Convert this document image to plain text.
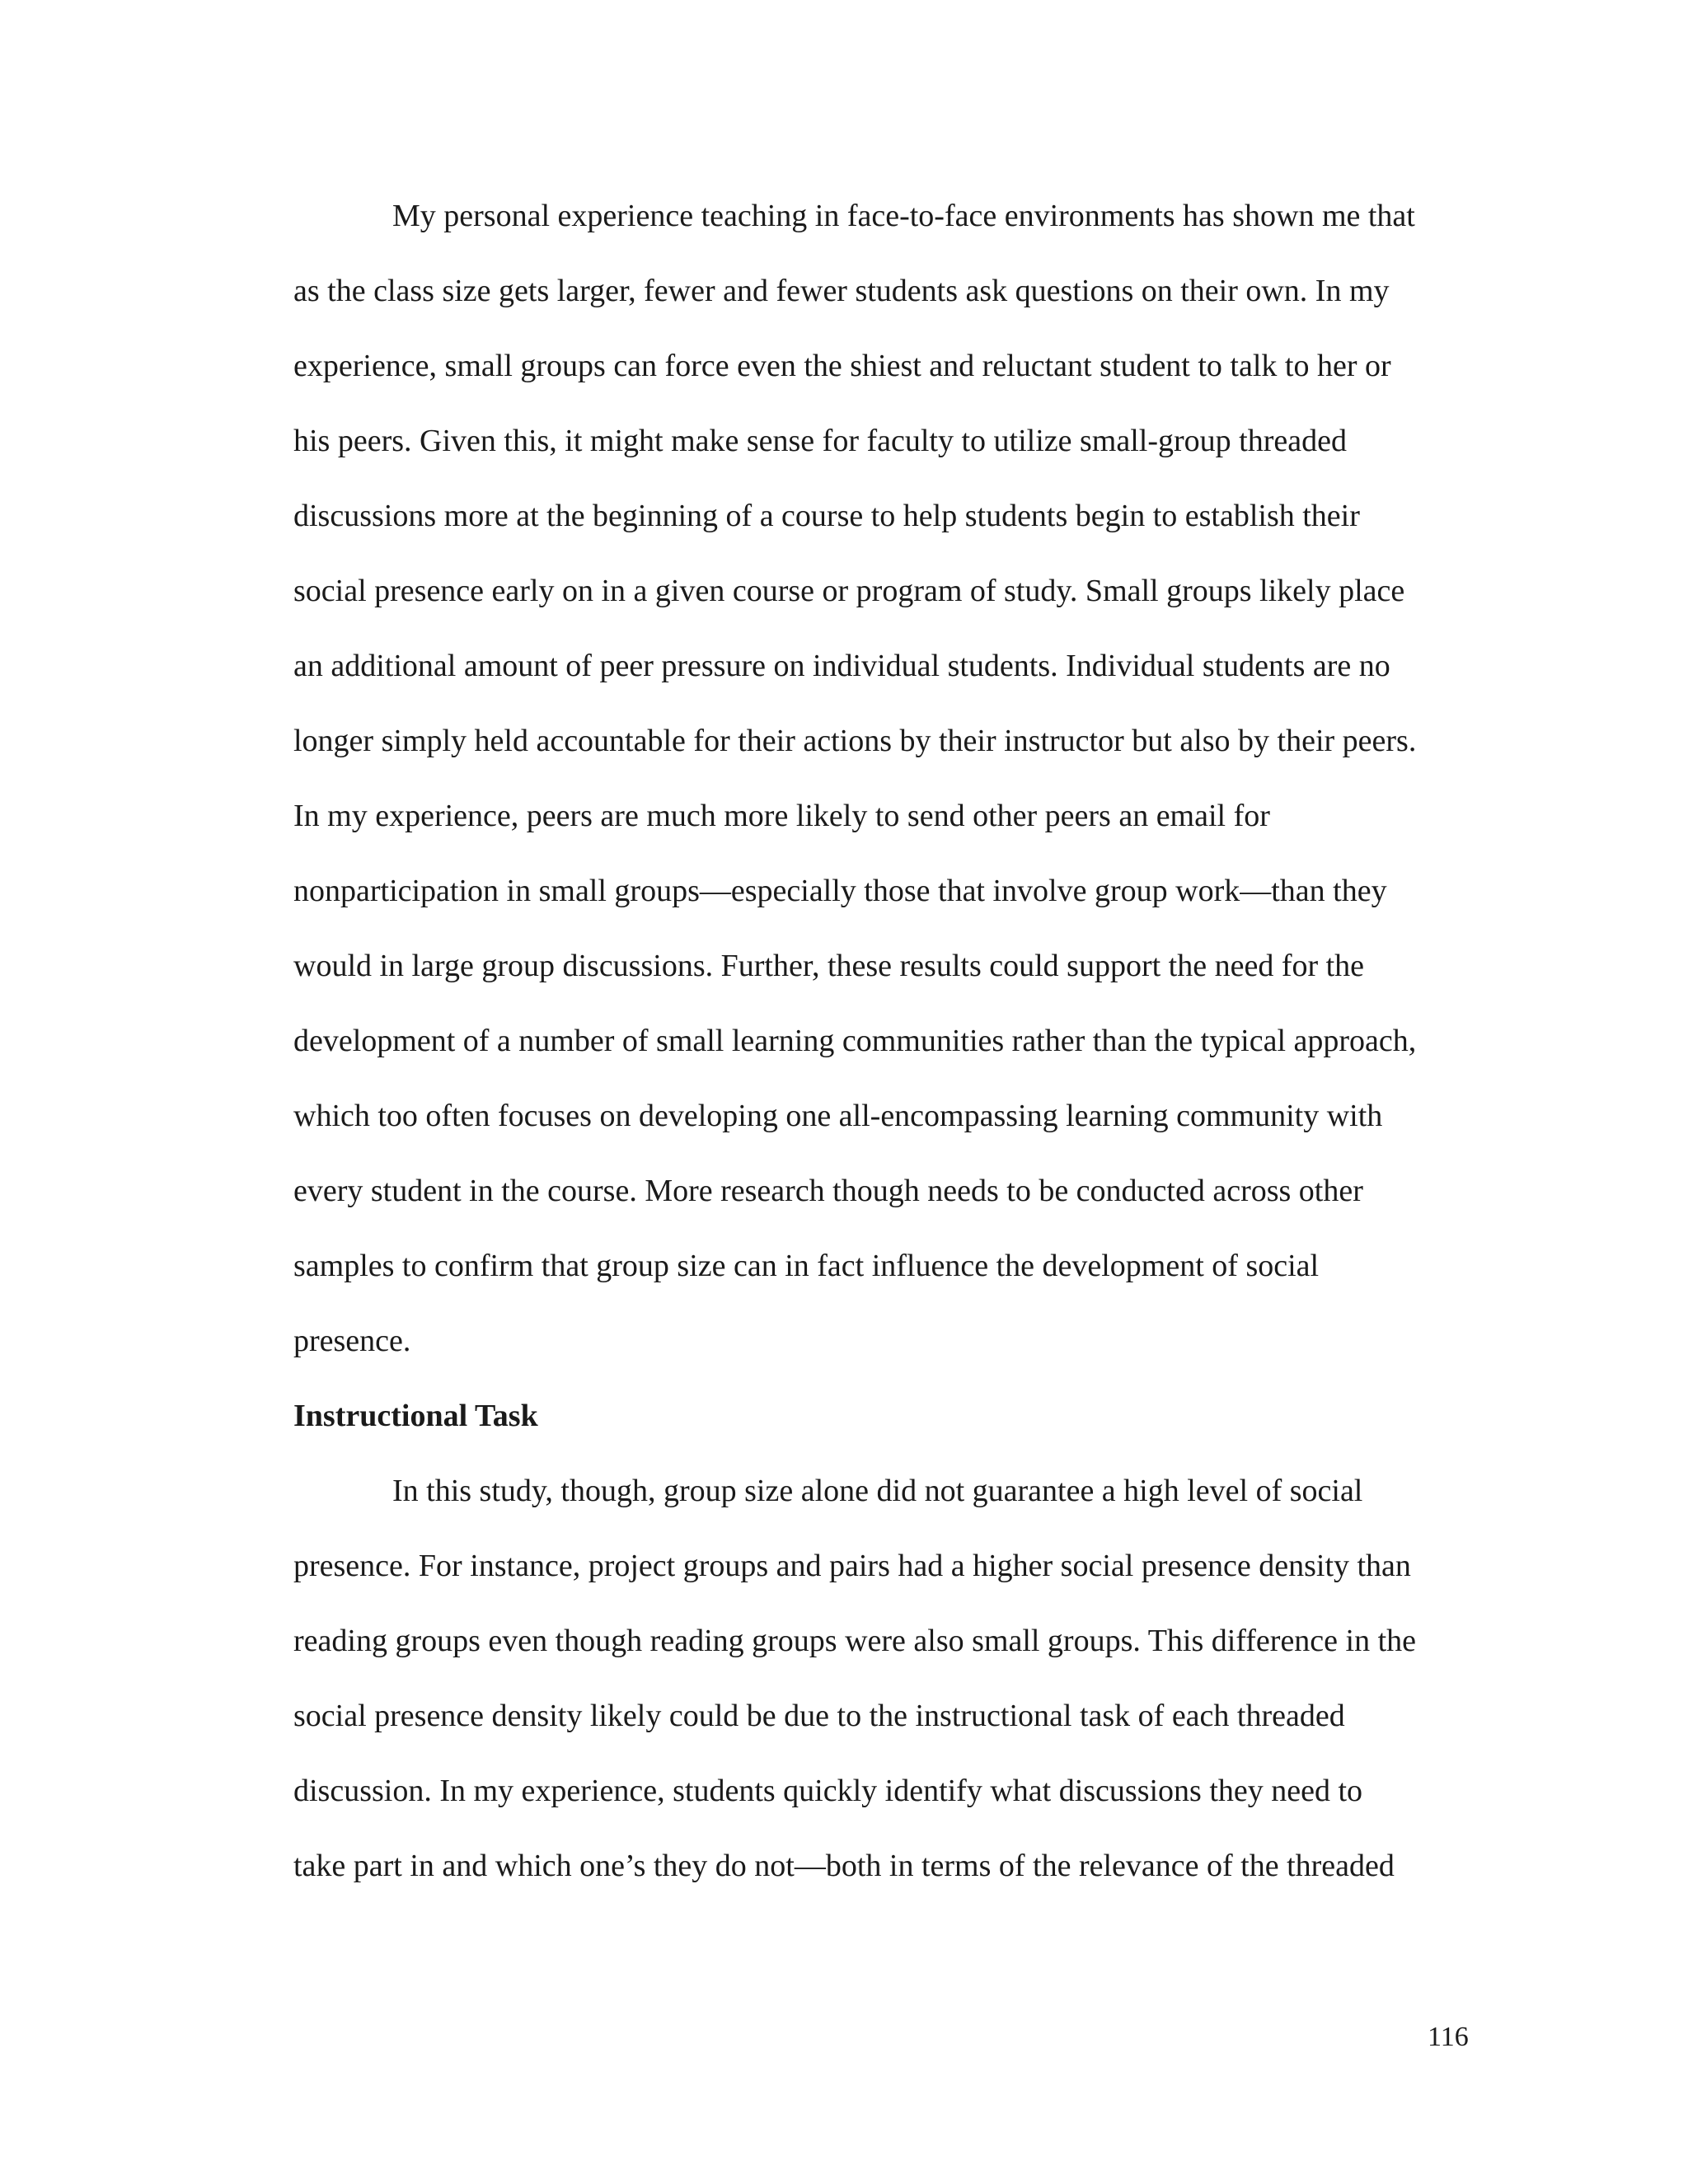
My personal experience teaching in face-to-face environments has shown me that
as the class size gets larger, fewer and fewer students ask questions on their own. In my
experience, small groups can force even the shiest and reluctant student to talk to her or
his peers. Given this, it might make sense for faculty to utilize small-group threaded
discussions more at the beginning of a course to help students begin to establish their
social presence early on in a given course or program of study. Small groups likely place
an additional amount of peer pressure on individual students. Individual students are no
longer simply held accountable for their actions by their instructor but also by their peers.
In my experience, peers are much more likely to send other peers an email for
nonparticipation in small groups—especially those that involve group work—than they
would in large group discussions. Further, these results could support the need for the
development of a number of small learning communities rather than the typical approach,
which too often focuses on developing one all-encompassing learning community with
every student in the course. More research though needs to be conducted across other
samples to confirm that group size can in fact influence the development of social
presence.
Instructional Task
In this study, though, group size alone did not guarantee a high level of social
presence. For instance, project groups and pairs had a higher social presence density than
reading groups even though reading groups were also small groups. This difference in the
social presence density likely could be due to the instructional task of each threaded
discussion. In my experience, students quickly identify what discussions they need to
take part in and which one’s they do not—both in terms of the relevance of the threaded
116
